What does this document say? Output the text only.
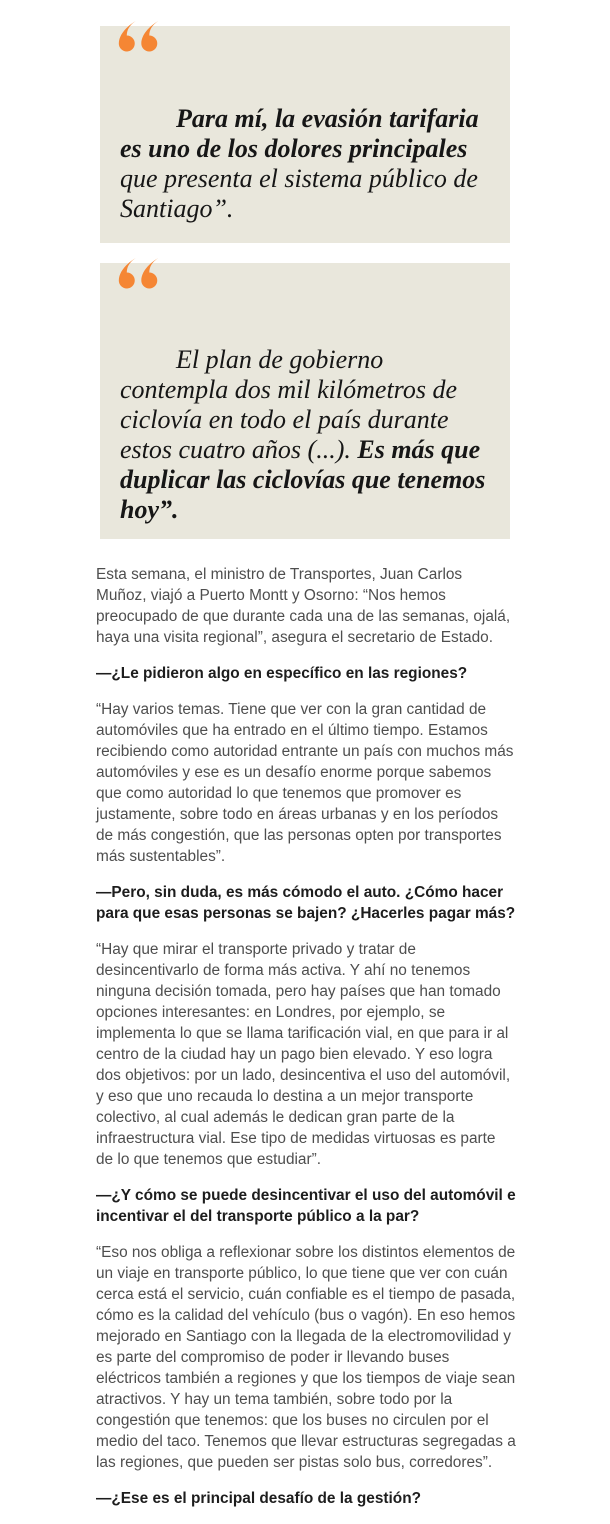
Para mí, la evasión tarifaria es uno de los dolores principales que presenta el sistema público de Santiago”.
El plan de gobierno contempla dos mil kilómetros de ciclovía en todo el país durante estos cuatro años (...). Es más que duplicar las ciclovías que tenemos hoy”.

Esta semana, el ministro de Transportes, Juan Carlos Muñoz, viajó a Puerto Montt y Osorno: “Nos hemos preocupado de que durante cada una de las semanas, ojalá, haya una visita regional”, asegura el secretario de Estado.

—¿Le pidieron algo en específico en las regiones?

“Hay varios temas. Tiene que ver con la gran cantidad de automóviles que ha entrado en el último tiempo. Estamos recibiendo como autoridad entrante un país con muchos más automóviles y ese es un desafío enorme porque sabemos que como autoridad lo que tenemos que promover es justamente, sobre todo en áreas urbanas y en los períodos de más congestión, que las personas opten por transportes más sustentables”.

—Pero, sin duda, es más cómodo el auto. ¿Cómo hacer para que esas personas se bajen? ¿Hacerles pagar más?

“Hay que mirar el transporte privado y tratar de desincentivarlo de forma más activa. Y ahí no tenemos ninguna decisión tomada, pero hay países que han tomado opciones interesantes: en Londres, por ejemplo, se implementa lo que se llama tarificación vial, en que para ir al centro de la ciudad hay un pago bien elevado. Y eso logra dos objetivos: por un lado, desincentiva el uso del automóvil, y eso que uno recauda lo destina a un mejor transporte colectivo, al cual además le dedican gran parte de la infraestructura vial. Ese tipo de medidas virtuosas es parte de lo que tenemos que estudiar”.

—¿Y cómo se puede desincentivar el uso del automóvil e incentivar el del transporte público a la par?

“Eso nos obliga a reflexionar sobre los distintos elementos de un viaje en transporte público, lo que tiene que ver con cuán cerca está el servicio, cuán confiable es el tiempo de pasada, cómo es la calidad del vehículo (bus o vagón). En eso hemos mejorado en Santiago con la llegada de la electromovilidad y es parte del compromiso de poder ir llevando buses eléctricos también a regiones y que los tiempos de viaje sean atractivos. Y hay un tema también, sobre todo por la congestión que tenemos: que los buses no circulen por el medio del taco. Tenemos que llevar estructuras segregadas a las regiones, que pueden ser pistas solo bus, corredores”.

—¿Ese es el principal desafío de la gestión?
